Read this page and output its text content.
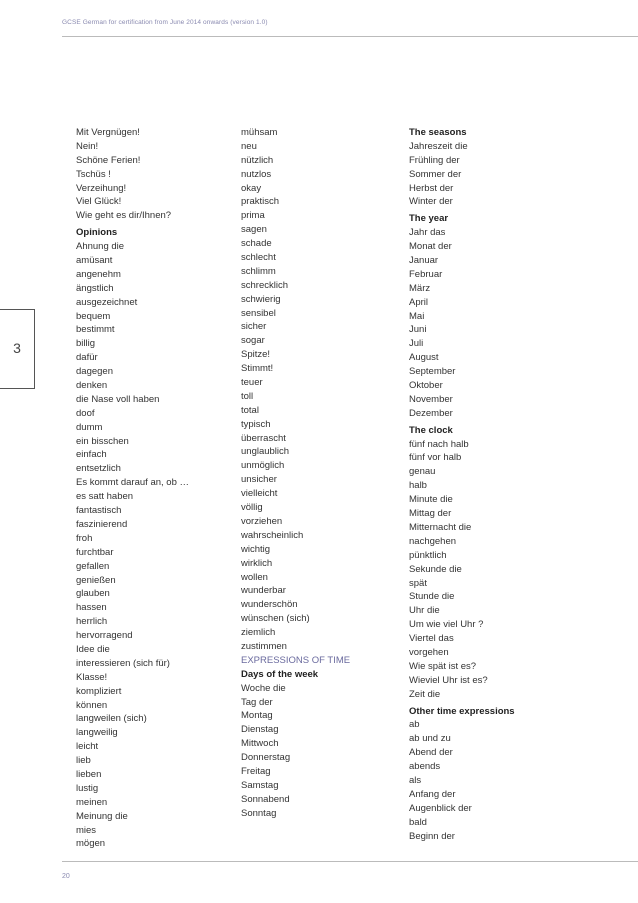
GCSE German for certification from June 2014 onwards (version 1.0)
3
Mit Vergnügen!
Nein!
Schöne Ferien!
Tschüs !
Verzeihung!
Viel Glück!
Wie geht es dir/Ihnen?
Opinions
Ahnung die
amüsant
angenehm
ängstlich
ausgezeichnet
bequem
bestimmt
billig
dafür
dagegen
denken
die Nase voll haben
doof
dumm
ein bisschen
einfach
entsetzlich
Es kommt darauf an, ob …
es satt haben
fantastisch
faszinierend
froh
furchtbar
gefallen
genießen
glauben
hassen
herrlich
hervorragend
Idee die
interessieren (sich für)
Klasse!
kompliziert
können
langweilen (sich)
langweilig
leicht
lieb
lieben
lustig
meinen
Meinung die
mies
mögen
mühsam
neu
nützlich
nutzlos
okay
praktisch
prima
sagen
schade
schlecht
schlimm
schrecklich
schwierig
sensibel
sicher
sogar
Spitze!
Stimmt!
teuer
toll
total
typisch
überrascht
unglaublich
unmöglich
unsicher
vielleicht
völlig
vorziehen
wahrscheinlich
wichtig
wirklich
wollen
wunderbar
wunderschön
wünschen (sich)
ziemlich
zustimmen
EXPRESSIONS OF TIME
Days of the week
Woche die
Tag der
Montag
Dienstag
Mittwoch
Donnerstag
Freitag
Samstag
Sonnabend
Sonntag
The seasons
Jahreszeit die
Frühling der
Sommer der
Herbst der
Winter der
The year
Jahr das
Monat der
Januar
Februar
März
April
Mai
Juni
Juli
August
September
Oktober
November
Dezember
The clock
fünf nach halb
fünf vor halb
genau
halb
Minute die
Mittag der
Mitternacht die
nachgehen
pünktlich
Sekunde die
spät
Stunde die
Uhr die
Um wie viel Uhr ?
Viertel das
vorgehen
Wie spät ist es?
Wieviel Uhr ist es?
Zeit die
Other time expressions
ab
ab und zu
Abend der
abends
als
Anfang der
Augenblick der
bald
Beginn der
20
